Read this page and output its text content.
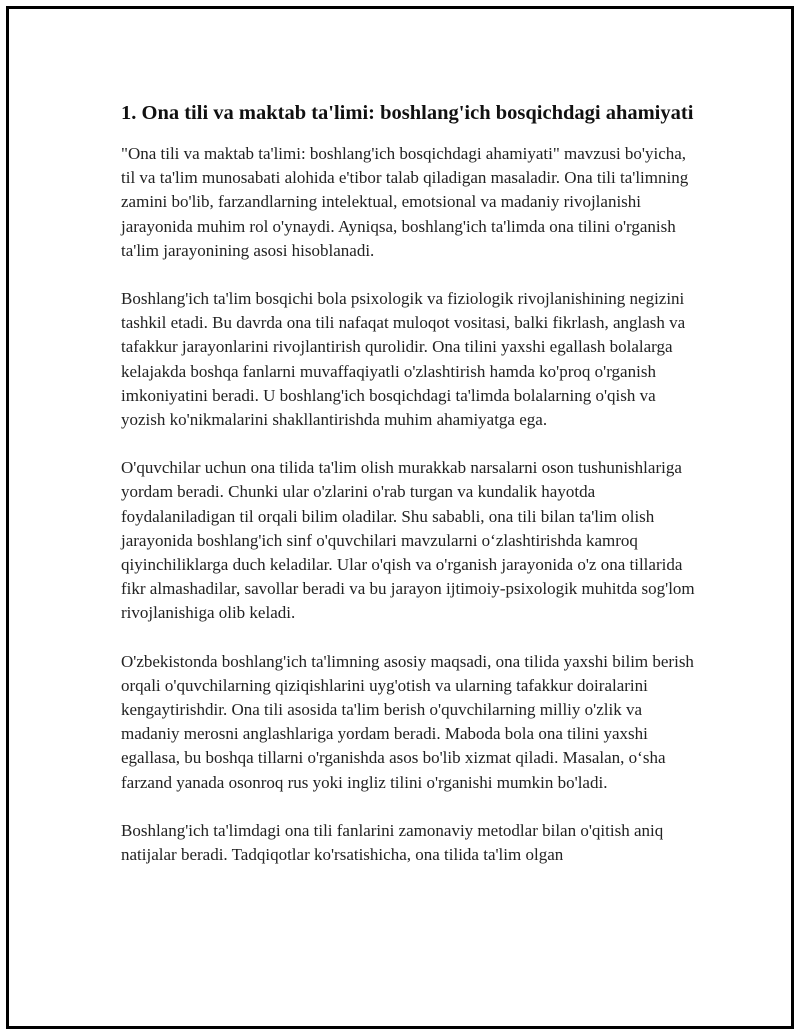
1. Ona tili va maktab ta'limi: boshlang'ich bosqichdagi ahamiyati

"Ona tili va maktab ta'limi: boshlang'ich bosqichdagi ahamiyati" mavzusi bo'yicha, til va ta'lim munosabati alohida e'tibor talab qiladigan masaladir. Ona tili ta'limning zamini bo'lib, farzandlarning intelektual, emotsional va madaniy rivojlanishi jarayonida muhim rol o'ynaydi. Ayniqsa, boshlang'ich ta'limda ona tilini o'rganish ta'lim jarayonining asosi hisoblanadi.

Boshlang'ich ta'lim bosqichi bola psixologik va fiziologik rivojlanishining negizini tashkil etadi. Bu davrda ona tili nafaqat muloqot vositasi, balki fikrlash, anglash va tafakkur jarayonlarini rivojlantirish qurolidir. Ona tilini yaxshi egallash bolalarga kelajakda boshqa fanlarni muvaffaqiyatli o'zlashtirish hamda ko'proq o'rganish imkoniyatini beradi. U boshlang'ich bosqichdagi ta'limda bolalarning o'qish va yozish ko'nikmalarini shakllantirishda muhim ahamiyatga ega.

O'quvchilar uchun ona tilida ta'lim olish murakkab narsalarni oson tushunishlariga yordam beradi. Chunki ular o'zlarini o'rab turgan va kundalik hayotda foydalaniladigan til orqali bilim oladilar. Shu sababli, ona tili bilan ta'lim olish jarayonida boshlang'ich sinf o'quvchilari mavzularni o‘zlashtirishda kamroq qiyinchiliklarga duch keladilar. Ular o'qish va o'rganish jarayonida o'z ona tillarida fikr almashadilar, savollar beradi va bu jarayon ijtimoiy-psixologik muhitda sog'lom rivojlanishiga olib keladi.

O'zbekistonda boshlang'ich ta'limning asosiy maqsadi, ona tilida yaxshi bilim berish orqali o'quvchilarning qiziqishlarini uyg'otish va ularning tafakkur doiralarini kengaytirishdir. Ona tili asosida ta'lim berish o'quvchilarning milliy o'zlik va madaniy merosni anglashlariga yordam beradi. Maboda bola ona tilini yaxshi egallasa, bu boshqa tillarni o'rganishda asos bo'lib xizmat qiladi. Masalan, o‘sha farzand yanada osonroq rus yoki ingliz tilini o'rganishi mumkin bo'ladi.

Boshlang'ich ta'limdagi ona tili fanlarini zamonaviy metodlar bilan o'qitish aniq natijalar beradi. Tadqiqotlar ko'rsatishicha, ona tilida ta'lim olgan
